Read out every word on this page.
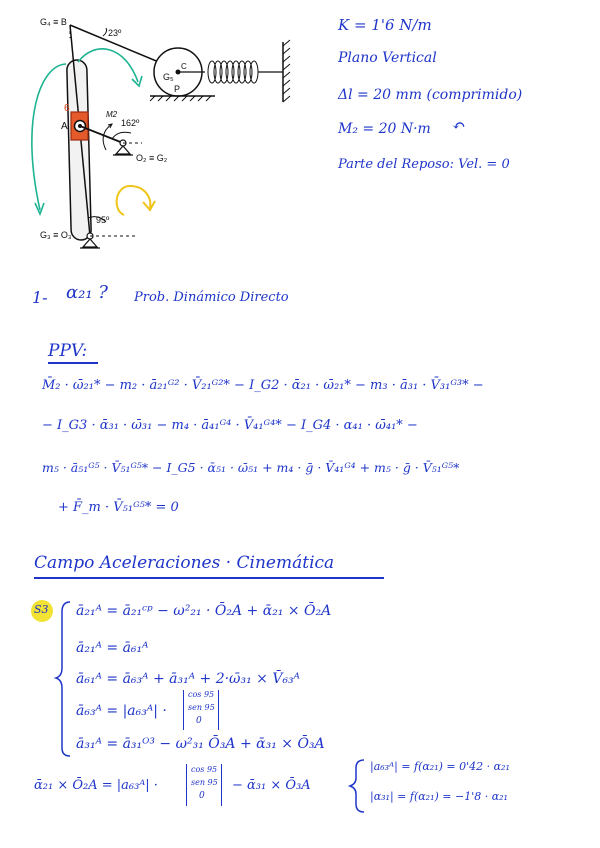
G₄ ≡ B
23º
C
G₅
P
6
A
M2
162º
O₂ ≡ G₂
95º
G₃ ≡ O₃
K = 1'6 N/m
Plano Vertical
Δl = 20 mm (comprimido)
M₂ = 20 N·m ↶
Parte del Reposo: Vel. = 0
1- α₂₁ ? Prob. Dinámico Directo
PPV:
M̄₂ · ω̄₂₁* − m₂ · ā₂₁ᴳ² · V̄₂₁ᴳ²* − I_G2 · ᾱ₂₁ · ω̄₂₁* − m₃ · ā₃₁ · V̄₃₁ᴳ³* −
− I_G3 · ᾱ₃₁ · ω̄₃₁ − m₄ · ā₄₁ᴳ⁴ · V̄₄₁ᴳ⁴* − I_G4 · α₄₁ · ω̄₄₁* −
m₅ · ā₅₁ᴳ⁵ · V̄₅₁ᴳ⁵* − I_G5 · ᾱ₅₁ · ω̄₅₁ + m₄ · ḡ · V̄₄₁ᴳ⁴ + m₅ · ḡ · V̄₅₁ᴳ⁵*
+ F̄_m · V̄₅₁ᴳ⁵* = 0
Campo Aceleraciones · Cinemática
S3 ā₂₁ᴬ = ā₂₁ᶜᵖ − ω²₂₁ · Ō₂A + ᾱ₂₁ × Ō₂A
ā₂₁ᴬ = ā₆₁ᴬ
ā₆₁ᴬ = ā₆₃ᴬ + ā₃₁ᴬ + 2·ω̄₃₁ × V̄₆₃ᴬ
ā₆₃ᴬ = |a₆₃ᴬ| ·
cos 95
sen 95
0
ā₃₁ᴬ = ā₃₁ᴼ³ − ω²₃₁ Ō₃A + ᾱ₃₁ × Ō₃A
ᾱ₂₁ × Ō₂A = |a₆₃ᴬ| ·
cos 95
sen 95
0
− ᾱ₃₁ × Ō₃A
|a₆₃ᴬ| = f(α₂₁) = 0'42 · α₂₁
|α₃₁| = f(α₂₁) = −1'8 · α₂₁
